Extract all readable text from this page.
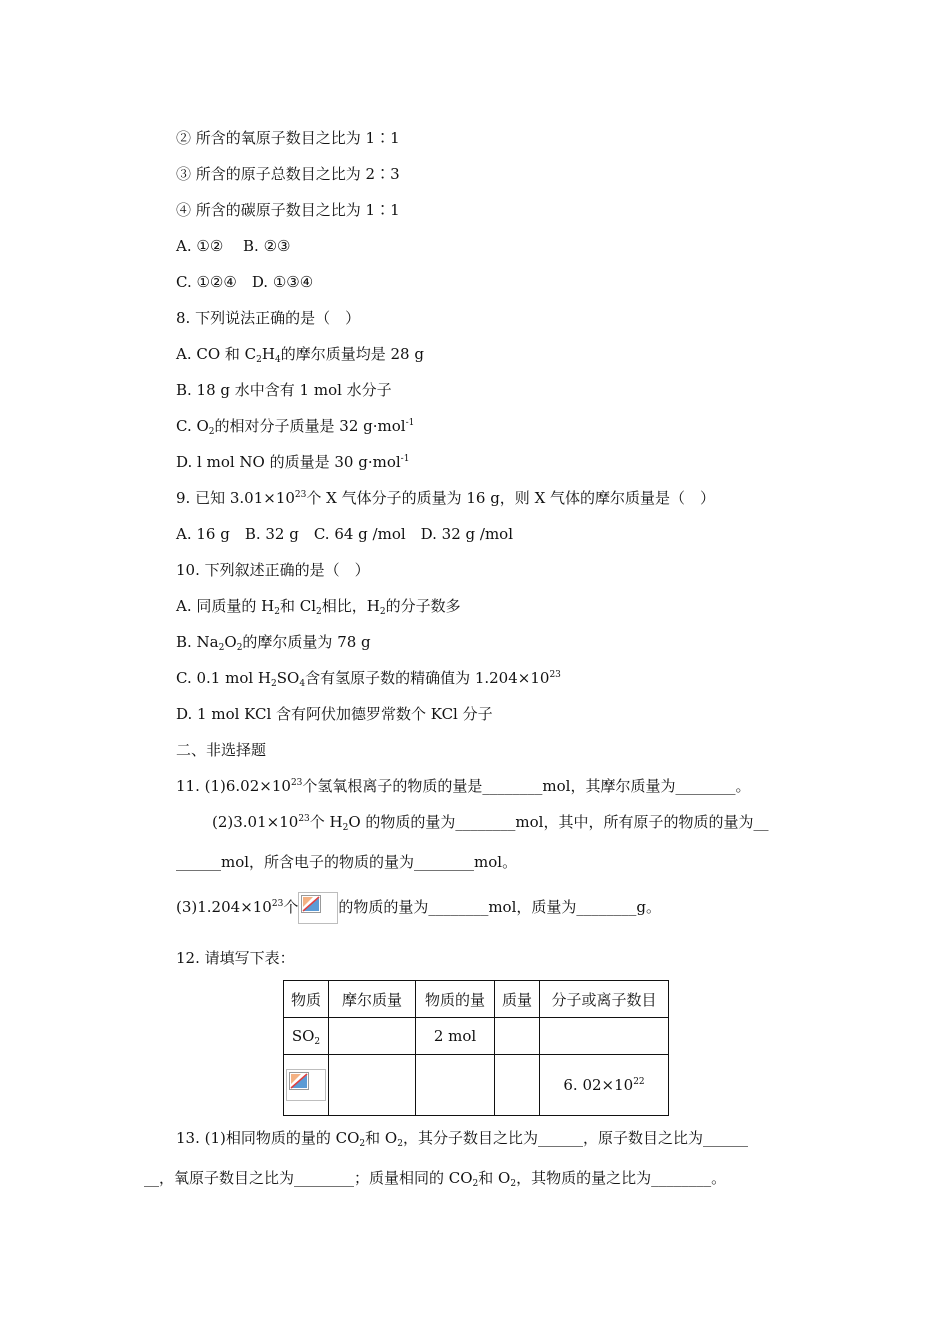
② 所含的氧原子数目之比为 1∶1
③ 所含的原子总数目之比为 2∶3
④ 所含的碳原子数目之比为 1∶1
A. ①②　 B. ②③
C. ①②④　D. ①③④
8. 下列说法正确的是（　）
A. CO 和 $C_2H_4$的摩尔质量均是 28 g
B. 18 g 水中含有 1 mol 水分子
C. $O_2$的相对分子质量是 32 g·mol$^{-1}$
D. l mol NO 的质量是 30 g·mol$^{-1}$
9. 已知 $3.01\times 10^{23}$个 X 气体分子的质量为 16 g，则 X 气体的摩尔质量是（　）
A. 16 g　B. 32 g　C. 64 g /mol　D. 32 g /mol
10. 下列叙述正确的是（　）
A. 同质量的 $H_2$和 $Cl_2$相比，$H_2$的分子数多
B. $Na_2O_2$的摩尔质量为 78 g
C. 0.1 mol $H_2SO_4$含有氢原子数的精确值为 $1.204\times 10^{23}$
D. 1 mol KCl 含有阿伏加德罗常数个 KCl 分子
二、非选择题
11. $(1)6.02\times 10^{23}$个氢氧根离子的物质的量是________mol，其摩尔质量为________。
$(2)3.01\times 10^{23}$个 $H_2O$ 的物质的量为________mol，其中，所有原子的物质的量为__
______mol，所含电子的物质的量为________mol。
$(3)1.204\times 10^{23}$个	的物质的量为________mol，质量为________g。
12. 请填写下表：
物质	摩尔质量	物质的量	质量	分子或离子数目
$SO_2$		2 mol		

				6. $02\times 10^{22}$
13. (1)相同物质的量的 $CO_2$和 $O_2$，其分子数目之比为______，原子数目之比为______
__，氧原子数目之比为________；质量相同的 $CO_2$和 $O_2$，其物质的量之比为________。
